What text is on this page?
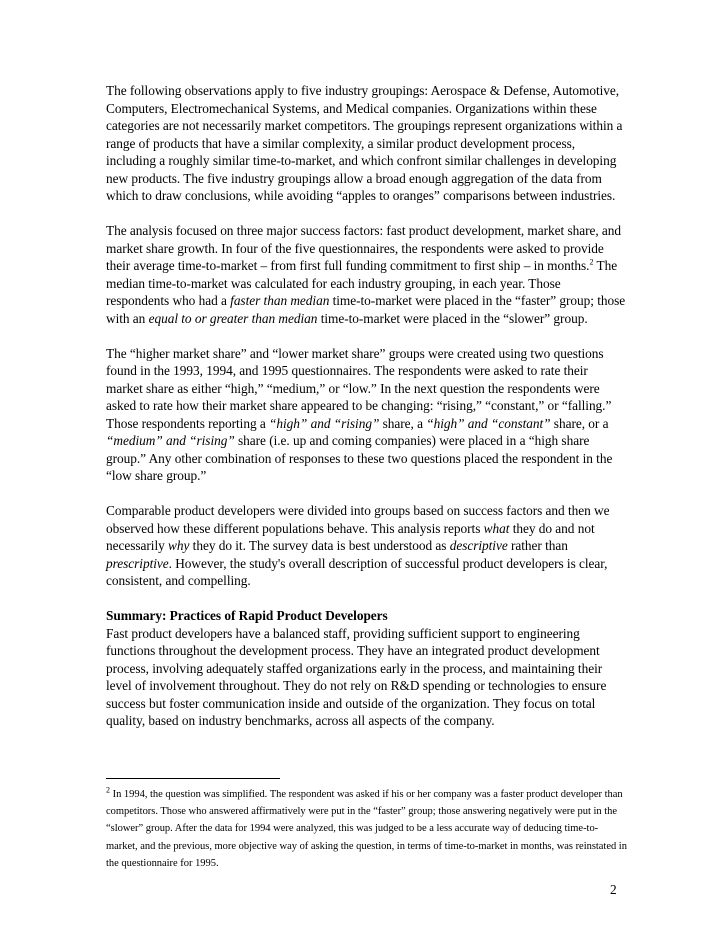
The following observations apply to five industry groupings: Aerospace & Defense, Automotive, Computers, Electromechanical Systems, and Medical companies. Organizations within these categories are not necessarily market competitors. The groupings represent organizations within a range of products that have a similar complexity, a similar product development process, including a roughly similar time-to-market, and which confront similar challenges in developing new products. The five industry groupings allow a broad enough aggregation of the data from which to draw conclusions, while avoiding “apples to oranges” comparisons between industries.

The analysis focused on three major success factors: fast product development, market share, and market share growth. In four of the five questionnaires, the respondents were asked to provide their average time-to-market – from first full funding commitment to first ship – in months.$^2$ The median time-to-market was calculated for each industry grouping, in each year. Those respondents who had a faster than median time-to-market were placed in the “faster” group; those with an equal to or greater than median time-to-market were placed in the “slower” group.

The “higher market share” and “lower market share” groups were created using two questions found in the 1993, 1994, and 1995 questionnaires. The respondents were asked to rate their market share as either “high,” “medium,” or “low.” In the next question the respondents were asked to rate how their market share appeared to be changing: “rising,” “constant,” or “falling.” Those respondents reporting a “high” and “rising” share, a “high” and “constant” share, or a “medium” and “rising” share (i.e. up and coming companies) were placed in a “high share group.” Any other combination of responses to these two questions placed the respondent in the “low share group.”

Comparable product developers were divided into groups based on success factors and then we observed how these different populations behave. This analysis reports what they do and not necessarily why they do it. The survey data is best understood as descriptive rather than prescriptive. However, the study's overall description of successful product developers is clear, consistent, and compelling.

Summary: Practices of Rapid Product Developers

Fast product developers have a balanced staff, providing sufficient support to engineering functions throughout the development process. They have an integrated product development process, involving adequately staffed organizations early in the process, and maintaining their level of involvement throughout. They do not rely on R&D spending or technologies to ensure success but foster communication inside and outside of the organization. They focus on total quality, based on industry benchmarks, across all aspects of the company.

$^2$ In 1994, the question was simplified. The respondent was asked if his or her company was a faster product developer than competitors. Those who answered affirmatively were put in the “faster” group; those answering negatively were put in the “slower” group. After the data for 1994 were analyzed, this was judged to be a less accurate way of deducing time-to-market, and the previous, more objective way of asking the question, in terms of time-to-market in months, was reinstated in the questionnaire for 1995.

2
